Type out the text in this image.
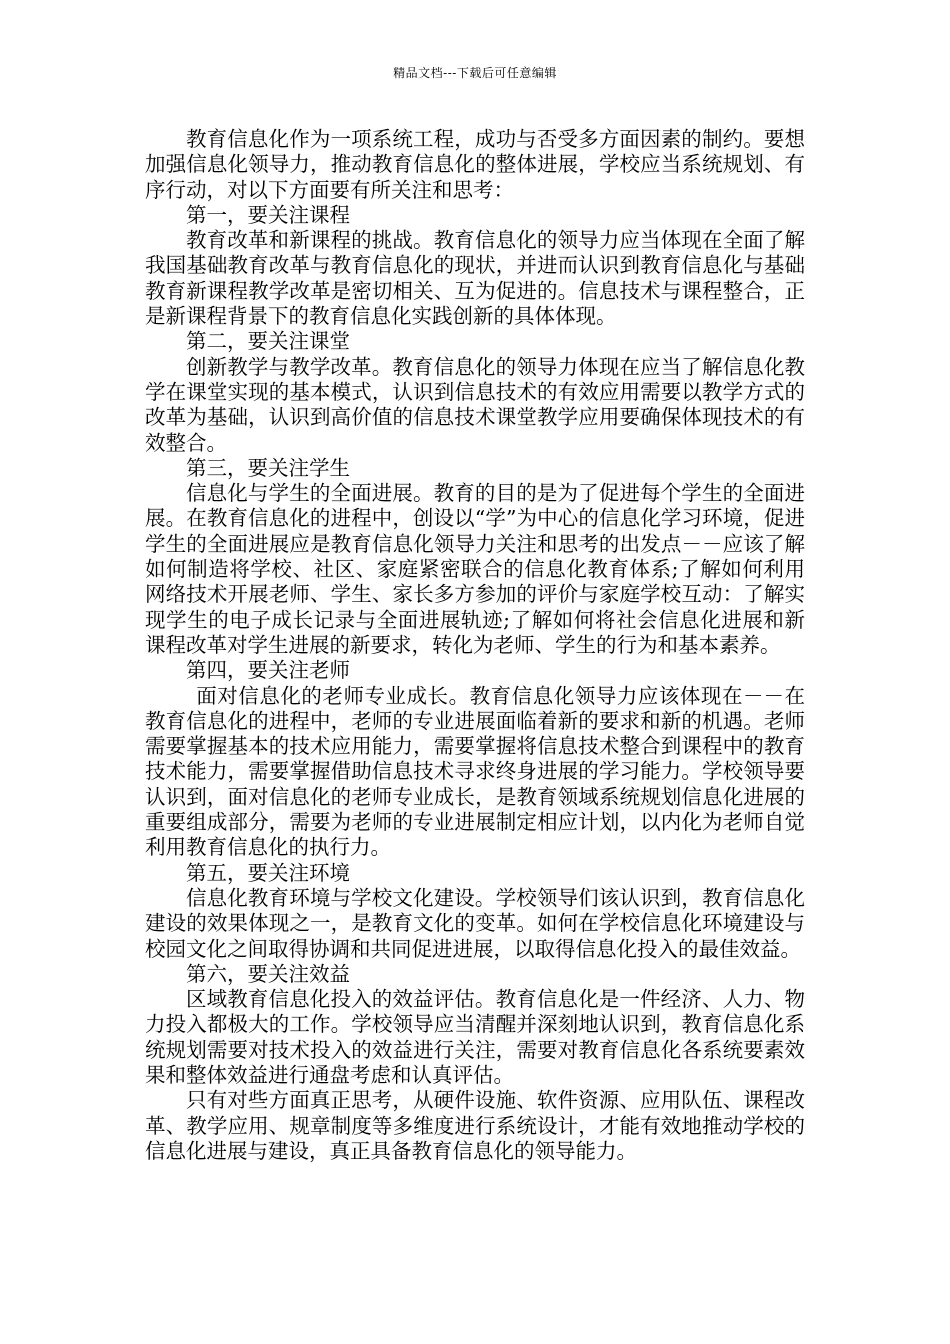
精品文档---下载后可任意编辑

教育信息化作为一项系统工程，成功与否受多方面因素的制约。要想加强信息化领导力，推动教育信息化的整体进展，学校应当系统规划、有序行动，对以下方面要有所关注和思考：

第一，要关注课程

教育改革和新课程的挑战。教育信息化的领导力应当体现在全面了解我国基础教育改革与教育信息化的现状，并进而认识到教育信息化与基础教育新课程教学改革是密切相关、互为促进的。信息技术与课程整合，正是新课程背景下的教育信息化实践创新的具体体现。

第二，要关注课堂

创新教学与教学改革。教育信息化的领导力体现在应当了解信息化教学在课堂实现的基本模式，认识到信息技术的有效应用需要以教学方式的改革为基础，认识到高价值的信息技术课堂教学应用要确保体现技术的有效整合。

第三，要关注学生

信息化与学生的全面进展。教育的目的是为了促进每个学生的全面进展。在教育信息化的进程中，创设以“学”为中心的信息化学习环境，促进学生的全面进展应是教育信息化领导力关注和思考的出发点－－应该了解如何制造将学校、社区、家庭紧密联合的信息化教育体系;了解如何利用网络技术开展老师、学生、家长多方参加的评价与家庭学校互动：了解实现学生的电子成长记录与全面进展轨迹;了解如何将社会信息化进展和新课程改革对学生进展的新要求，转化为老师、学生的行为和基本素养。

第四，要关注老师

面对信息化的老师专业成长。教育信息化领导力应该体现在－－在教育信息化的进程中，老师的专业进展面临着新的要求和新的机遇。老师需要掌握基本的技术应用能力，需要掌握将信息技术整合到课程中的教育技术能力，需要掌握借助信息技术寻求终身进展的学习能力。学校领导要认识到，面对信息化的老师专业成长，是教育领域系统规划信息化进展的重要组成部分，需要为老师的专业进展制定相应计划，以内化为老师自觉利用教育信息化的执行力。

第五，要关注环境

信息化教育环境与学校文化建设。学校领导们该认识到，教育信息化建设的效果体现之一，是教育文化的变革。如何在学校信息化环境建设与校园文化之间取得协调和共同促进进展，以取得信息化投入的最佳效益。

第六，要关注效益

区域教育信息化投入的效益评估。教育信息化是一件经济、人力、物力投入都极大的工作。学校领导应当清醒并深刻地认识到，教育信息化系统规划需要对技术投入的效益进行关注，需要对教育信息化各系统要素效果和整体效益进行通盘考虑和认真评估。

只有对些方面真正思考，从硬件设施、软件资源、应用队伍、课程改革、教学应用、规章制度等多维度进行系统设计，才能有效地推动学校的信息化进展与建设，真正具备教育信息化的领导能力。
